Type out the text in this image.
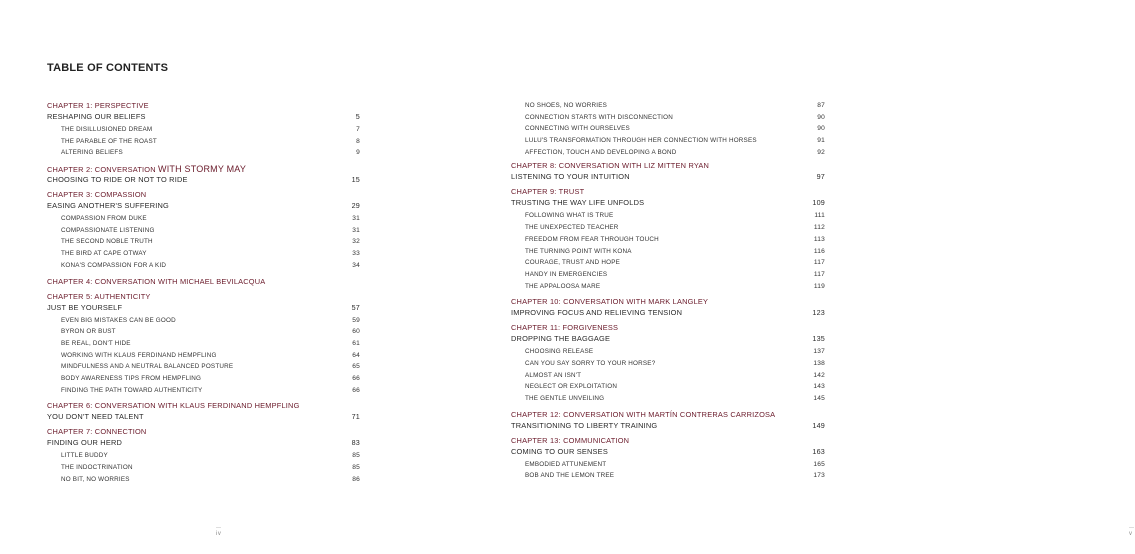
TABLE OF CONTENTS
CHAPTER 1: PERSPECTIVE
RESHAPING OUR BELIEFS	5
THE DISILLUSIONED DREAM	7
THE PARABLE OF THE ROAST	8
ALTERING BELIEFS	9
CHAPTER 2: CONVERSATION WITH STORMY MAY
CHOOSING TO RIDE OR NOT TO RIDE	15
CHAPTER 3: COMPASSION
EASING ANOTHER'S SUFFERING	29
COMPASSION FROM DUKE	31
COMPASSIONATE LISTENING	31
THE SECOND NOBLE TRUTH	32
THE BIRD AT CAPE OTWAY	33
KONA'S COMPASSION FOR A KID	34
CHAPTER 4: CONVERSATION WITH MICHAEL BEVILACQUA
CHAPTER 5: AUTHENTICITY
JUST BE YOURSELF	57
EVEN BIG MISTAKES CAN BE GOOD	59
BYRON OR BUST	60
BE REAL, DON'T HIDE	61
WORKING WITH KLAUS FERDINAND HEMPFLING	64
MINDFULNESS AND A NEUTRAL BALANCED POSTURE	65
BODY AWARENESS TIPS FROM HEMPFLING	66
FINDING THE PATH TOWARD AUTHENTICITY	66
CHAPTER 6: CONVERSATION WITH KLAUS FERDINAND HEMPFLING
YOU DON'T NEED TALENT	71
CHAPTER 7: CONNECTION
FINDING OUR HERD	83
LITTLE BUDDY	85
THE INDOCTRINATION	85
NO BIT, NO WORRIES	86
—
iv
NO SHOES, NO WORRIES	87
CONNECTION STARTS WITH DISCONNECTION	90
CONNECTING WITH OURSELVES	90
LULU'S TRANSFORMATION THROUGH HER CONNECTION WITH HORSES	91
AFFECTION, TOUCH AND DEVELOPING A BOND	92
CHAPTER 8: CONVERSATION WITH LIZ MITTEN RYAN
LISTENING TO YOUR INTUITION	97
CHAPTER 9: TRUST
TRUSTING THE WAY LIFE UNFOLDS	109
FOLLOWING WHAT IS TRUE	111
THE UNEXPECTED TEACHER	112
FREEDOM FROM FEAR THROUGH TOUCH	113
THE TURNING POINT WITH KONA	116
COURAGE, TRUST AND HOPE	117
HANDY IN EMERGENCIES	117
THE APPALOOSA MARE	119
CHAPTER 10: CONVERSATION WITH MARK LANGLEY
IMPROVING FOCUS AND RELIEVING TENSION	123
CHAPTER 11: FORGIVENESS
DROPPING THE BAGGAGE	135
CHOOSING RELEASE	137
CAN YOU SAY SORRY TO YOUR HORSE?	138
ALMOST AN ISN'T	142
NEGLECT OR EXPLOITATION	143
THE GENTLE UNVEILING	145
CHAPTER 12: CONVERSATION WITH MARTÍN CONTRERAS CARRIZOSA
TRANSITIONING TO LIBERTY TRAINING	149
CHAPTER 13: COMMUNICATION
COMING TO OUR SENSES	163
EMBODIED ATTUNEMENT	165
BOB AND THE LEMON TREE	173
—
v
